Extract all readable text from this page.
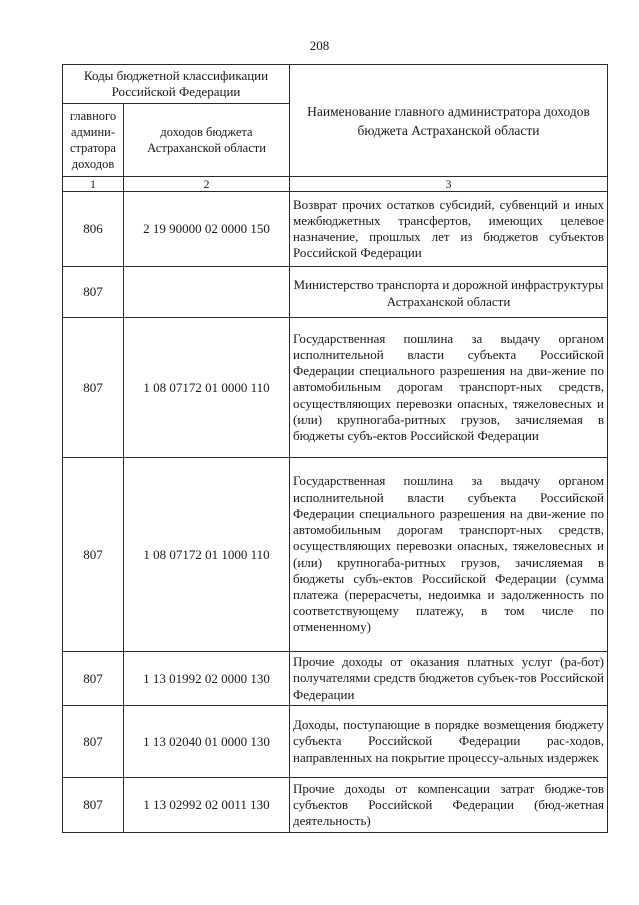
208
Коды бюджетной классификации Российской Федерации		Наименование главного администратора доходов бюджета Астраханской области
главного админи-стратора доходов	доходов бюджета Астраханской области	
1	2	3
806	2 19 90000 02 0000 150	Возврат прочих остатков субсидий, субвенций и иных межбюджетных трансфертов, имеющих целевое назначение, прошлых лет из бюджетов субъектов Российской Федерации
807		Министерство транспорта и дорожной инфраструктуры Астраханской области
807	1 08 07172 01 0000 110	Государственная пошлина за выдачу органом исполнительной власти субъекта Российской Федерации специального разрешения на дви-жение по автомобильным дорогам транспорт-ных средств, осуществляющих перевозки опасных, тяжеловесных и (или) крупногаба-ритных грузов, зачисляемая в бюджеты субъ-ектов Российской Федерации
807	1 08 07172 01 1000 110	Государственная пошлина за выдачу органом исполнительной власти субъекта Российской Федерации специального разрешения на дви-жение по автомобильным дорогам транспорт-ных средств, осуществляющих перевозки опасных, тяжеловесных и (или) крупногаба-ритных грузов, зачисляемая в бюджеты субъ-ектов Российской Федерации (сумма платежа (перерасчеты, недоимка и задолженность по соответствующему платежу, в том числе по отмененному)
807	1 13 01992 02 0000 130	Прочие доходы от оказания платных услуг (ра-бот) получателями средств бюджетов субъек-тов Российской Федерации
807	1 13 02040 01 0000 130	Доходы, поступающие в порядке возмещения бюджету субъекта Российской Федерации рас-ходов, направленных на покрытие процессу-альных издержек
807	1 13 02992 02 0011 130	Прочие доходы от компенсации затрат бюдже-тов субъектов Российской Федерации (бюд-жетная деятельность)
